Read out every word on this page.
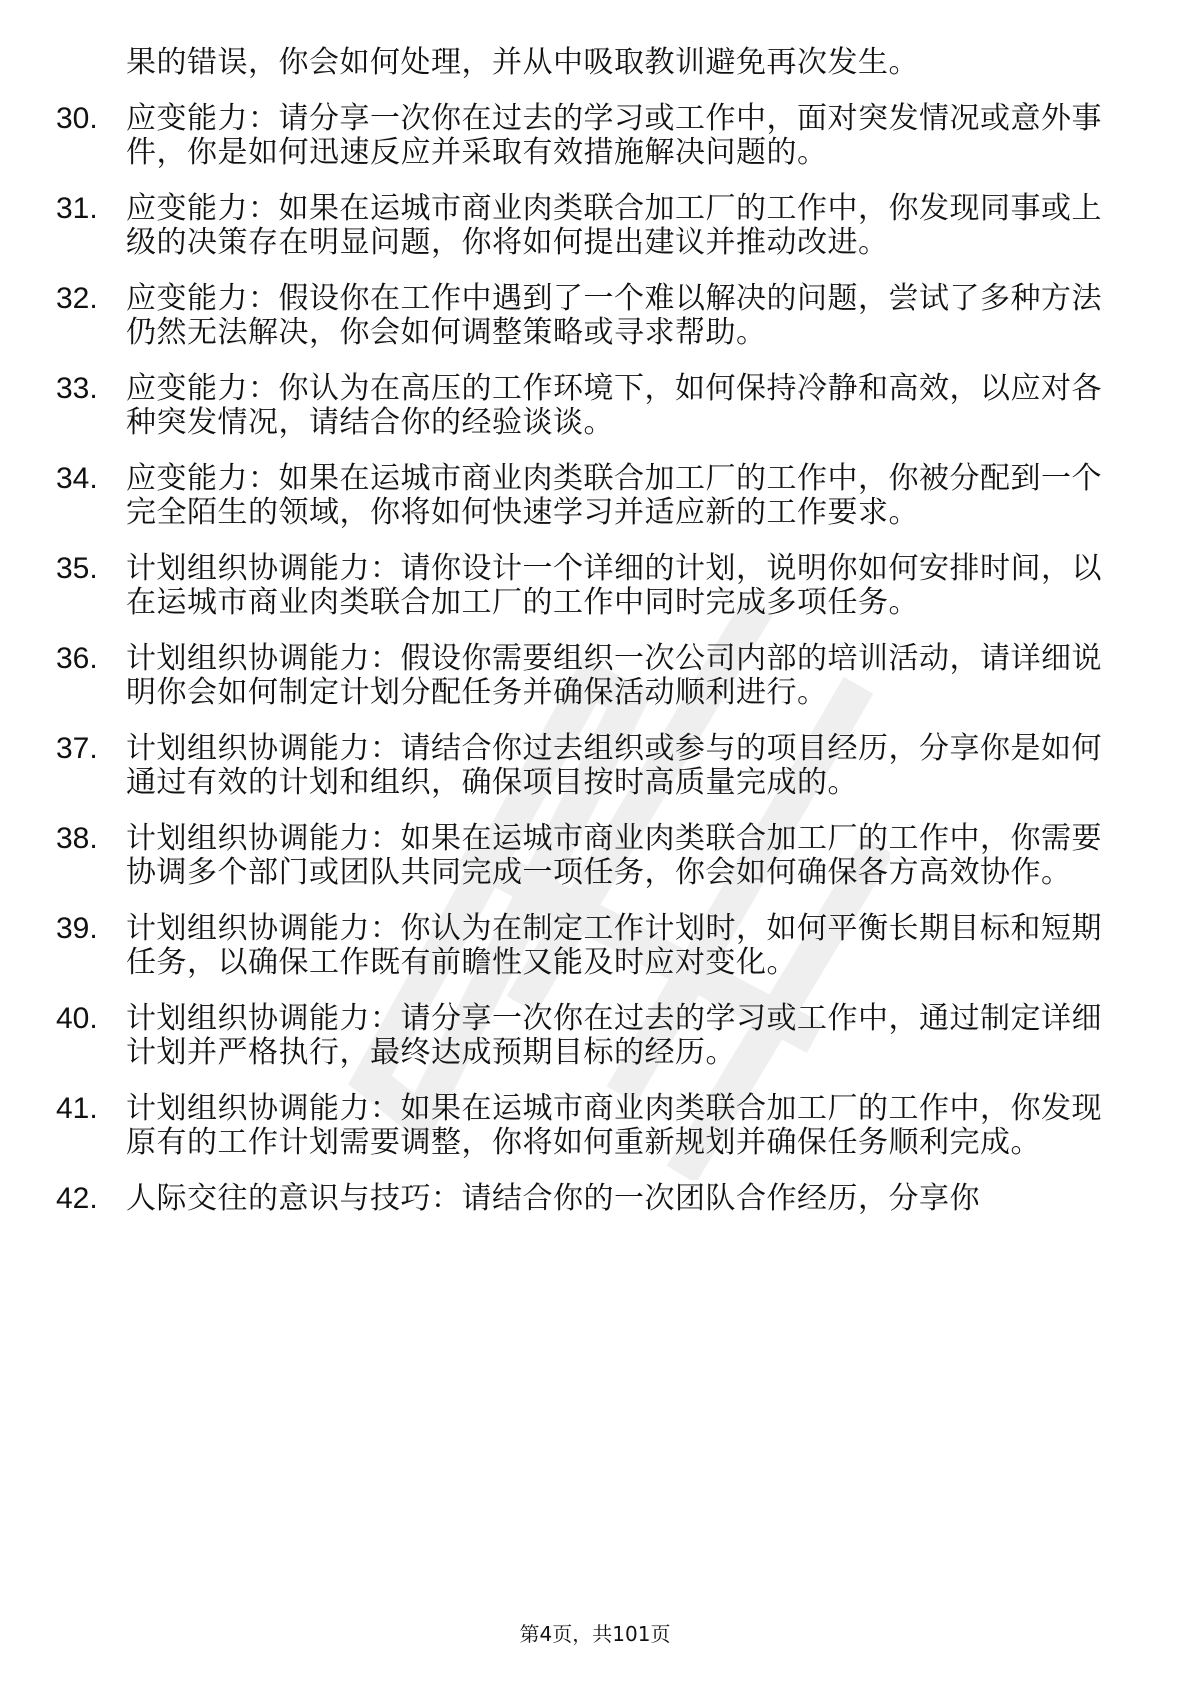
果的错误，你会如何处理，并从中吸取教训避免再次发生。

30. 应变能力：请分享一次你在过去的学习或工作中，面对突发情况或意外事件，你是如何迅速反应并采取有效措施解决问题的。
31. 应变能力：如果在运城市商业肉类联合加工厂的工作中，你发现同事或上级的决策存在明显问题，你将如何提出建议并推动改进。
32. 应变能力：假设你在工作中遇到了一个难以解决的问题，尝试了多种方法仍然无法解决，你会如何调整策略或寻求帮助。
33. 应变能力：你认为在高压的工作环境下，如何保持冷静和高效，以应对各种突发情况，请结合你的经验谈谈。
34. 应变能力：如果在运城市商业肉类联合加工厂的工作中，你被分配到一个完全陌生的领域，你将如何快速学习并适应新的工作要求。
35. 计划组织协调能力：请你设计一个详细的计划，说明你如何安排时间，以在运城市商业肉类联合加工厂的工作中同时完成多项任务。
36. 计划组织协调能力：假设你需要组织一次公司内部的培训活动，请详细说明你会如何制定计划分配任务并确保活动顺利进行。
37. 计划组织协调能力：请结合你过去组织或参与的项目经历，分享你是如何通过有效的计划和组织，确保项目按时高质量完成的。
38. 计划组织协调能力：如果在运城市商业肉类联合加工厂的工作中，你需要协调多个部门或团队共同完成一项任务，你会如何确保各方高效协作。
39. 计划组织协调能力：你认为在制定工作计划时，如何平衡长期目标和短期任务，以确保工作既有前瞻性又能及时应对变化。
40. 计划组织协调能力：请分享一次你在过去的学习或工作中，通过制定详细计划并严格执行，最终达成预期目标的经历。
41. 计划组织协调能力：如果在运城市商业肉类联合加工厂的工作中，你发现原有的工作计划需要调整，你将如何重新规划并确保任务顺利完成。
42. 人际交往的意识与技巧：请结合你的一次团队合作经历，分享你
第4页，共101页
